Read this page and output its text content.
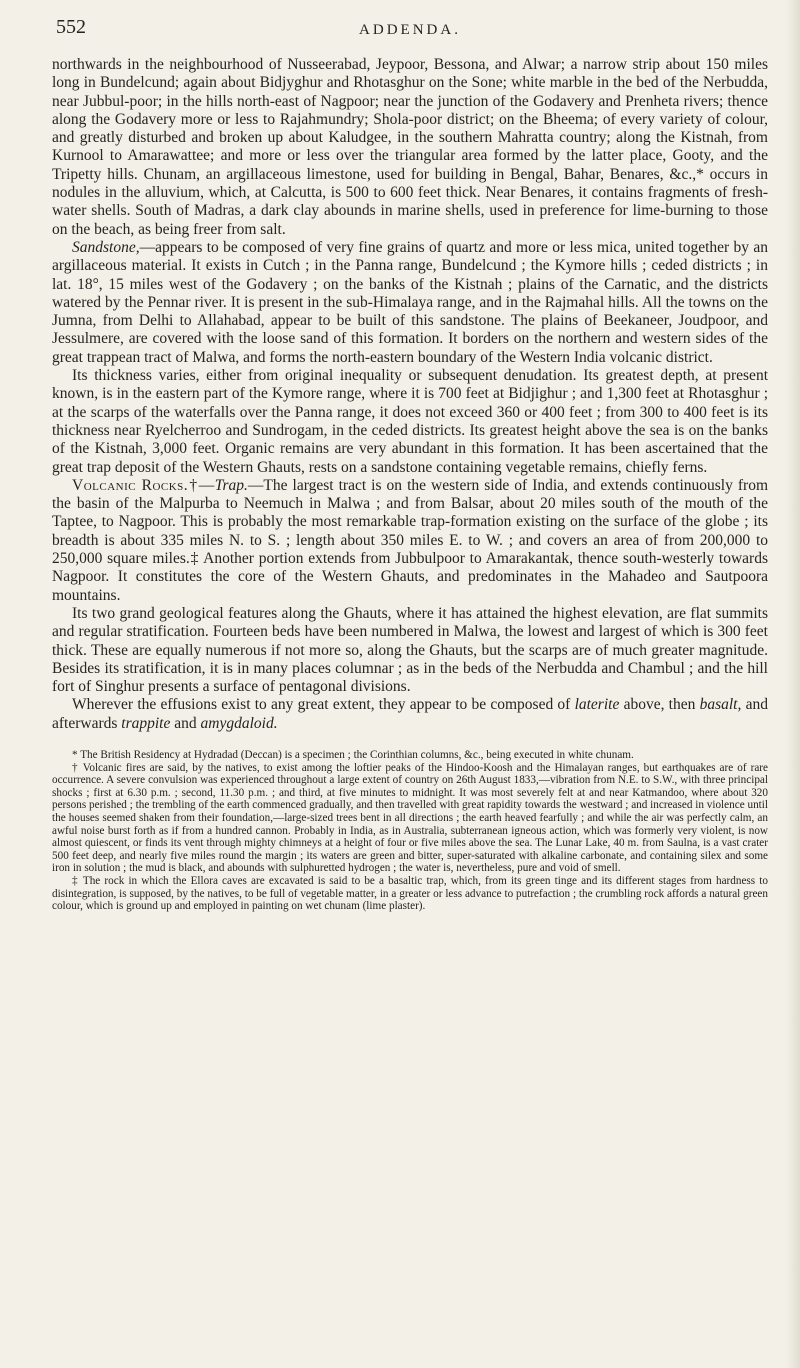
552	ADDENDA.

northwards in the neighbourhood of Nusseerabad, Jeypoor, Bessona, and Alwar; a narrow strip about 150 miles long in Bundelcund; again about Bidjyghur and Rhotasghur on the Sone; white marble in the bed of the Nerbudda, near Jubbul-poor; in the hills north-east of Nagpoor; near the junction of the Godavery and Prenheta rivers; thence along the Godavery more or less to Rajahmundry; Shola-poor district; on the Bheema; of every variety of colour, and greatly disturbed and broken up about Kaludgee, in the southern Mahratta country; along the Kistnah, from Kurnool to Amarawattee; and more or less over the triangular area formed by the latter place, Gooty, and the Tripetty hills. Chunam, an argillaceous limestone, used for building in Bengal, Bahar, Benares, &c.,* occurs in nodules in the alluvium, which, at Calcutta, is 500 to 600 feet thick. Near Benares, it contains fragments of fresh-water shells. South of Madras, a dark clay abounds in marine shells, used in preference for lime-burning to those on the beach, as being freer from salt.

Sandstone,—appears to be composed of very fine grains of quartz and more or less mica, united together by an argillaceous material. It exists in Cutch ; in the Panna range, Bundelcund ; the Kymore hills ; ceded districts ; in lat. 18°, 15 miles west of the Godavery ; on the banks of the Kistnah ; plains of the Carnatic, and the districts watered by the Pennar river. It is present in the sub-Himalaya range, and in the Rajmahal hills. All the towns on the Jumna, from Delhi to Allahabad, appear to be built of this sandstone. The plains of Beekaneer, Joudpoor, and Jessulmere, are covered with the loose sand of this formation. It borders on the northern and western sides of the great trappean tract of Malwa, and forms the north-eastern boundary of the Western India volcanic district.

Its thickness varies, either from original inequality or subsequent denudation. Its greatest depth, at present known, is in the eastern part of the Kymore range, where it is 700 feet at Bidjighur ; and 1,300 feet at Rhotasghur ; at the scarps of the waterfalls over the Panna range, it does not exceed 360 or 400 feet ; from 300 to 400 feet is its thickness near Ryelcherroo and Sundrogam, in the ceded districts. Its greatest height above the sea is on the banks of the Kistnah, 3,000 feet. Organic remains are very abundant in this formation. It has been ascertained that the great trap deposit of the Western Ghauts, rests on a sandstone containing vegetable remains, chiefly ferns.

Volcanic Rocks.†—Trap.—The largest tract is on the western side of India, and extends continuously from the basin of the Malpurba to Neemuch in Malwa ; and from Balsar, about 20 miles south of the mouth of the Taptee, to Nagpoor. This is probably the most remarkable trap-formation existing on the surface of the globe ; its breadth is about 335 miles N. to S. ; length about 350 miles E. to W. ; and covers an area of from 200,000 to 250,000 square miles.‡ Another portion extends from Jubbulpoor to Amarakantak, thence south-westerly towards Nagpoor. It constitutes the core of the Western Ghauts, and predominates in the Mahadeo and Sautpoora mountains.

Its two grand geological features along the Ghauts, where it has attained the highest elevation, are flat summits and regular stratification. Fourteen beds have been numbered in Malwa, the lowest and largest of which is 300 feet thick. These are equally numerous if not more so, along the Ghauts, but the scarps are of much greater magnitude. Besides its stratification, it is in many places columnar ; as in the beds of the Nerbudda and Chambul ; and the hill fort of Singhur presents a surface of pentagonal divisions.

Wherever the effusions exist to any great extent, they appear to be composed of laterite above, then basalt, and afterwards trappite and amygdaloid.

* The British Residency at Hydradad (Deccan) is a specimen ; the Corinthian columns, &c., being executed in white chunam.

† Volcanic fires are said, by the natives, to exist among the loftier peaks of the Hindoo-Koosh and the Himalayan ranges, but earthquakes are of rare occurrence. A severe convulsion was experienced throughout a large extent of country on 26th August 1833,—vibration from N.E. to S.W., with three principal shocks ; first at 6.30 p.m. ; second, 11.30 p.m. ; and third, at five minutes to midnight. It was most severely felt at and near Katmandoo, where about 320 persons perished ; the trembling of the earth commenced gradually, and then travelled with great rapidity towards the westward ; and increased in violence until the houses seemed shaken from their foundation,—large-sized trees bent in all directions ; the earth heaved fearfully ; and while the air was perfectly calm, an awful noise burst forth as if from a hundred cannon. Probably in India, as in Australia, subterranean igneous action, which was formerly very violent, is now almost quiescent, or finds its vent through mighty chimneys at a height of four or five miles above the sea. The Lunar Lake, 40 m. from Saulna, is a vast crater 500 feet deep, and nearly five miles round the margin ; its waters are green and bitter, super-saturated with alkaline carbonate, and containing silex and some iron in solution ; the mud is black, and abounds with sulphuretted hydrogen ; the water is, nevertheless, pure and void of smell.

‡ The rock in which the Ellora caves are excavated is said to be a basaltic trap, which, from its green tinge and its different stages from hardness to disintegration, is supposed, by the natives, to be full of vegetable matter, in a greater or less advance to putrefaction ; the crumbling rock affords a natural green colour, which is ground up and employed in painting on wet chunam (lime plaster).
